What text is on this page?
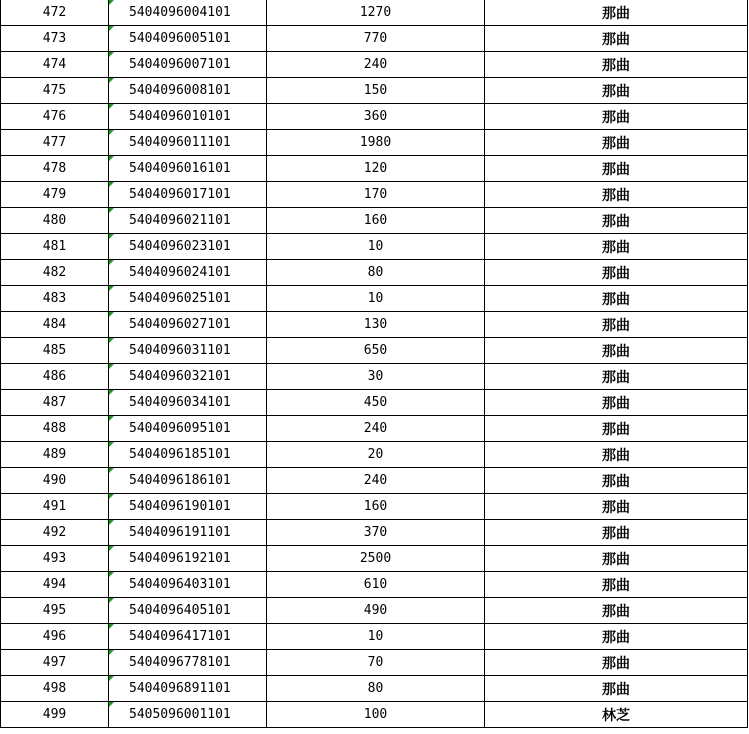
472	5404096004101	1270	那曲
473	5404096005101	770	那曲
474	5404096007101	240	那曲
475	5404096008101	150	那曲
476	5404096010101	360	那曲
477	5404096011101	1980	那曲
478	5404096016101	120	那曲
479	5404096017101	170	那曲
480	5404096021101	160	那曲
481	5404096023101	10	那曲
482	5404096024101	80	那曲
483	5404096025101	10	那曲
484	5404096027101	130	那曲
485	5404096031101	650	那曲
486	5404096032101	30	那曲
487	5404096034101	450	那曲
488	5404096095101	240	那曲
489	5404096185101	20	那曲
490	5404096186101	240	那曲
491	5404096190101	160	那曲
492	5404096191101	370	那曲
493	5404096192101	2500	那曲
494	5404096403101	610	那曲
495	5404096405101	490	那曲
496	5404096417101	10	那曲
497	5404096778101	70	那曲
498	5404096891101	80	那曲
499	5405096001101	100	林芝
